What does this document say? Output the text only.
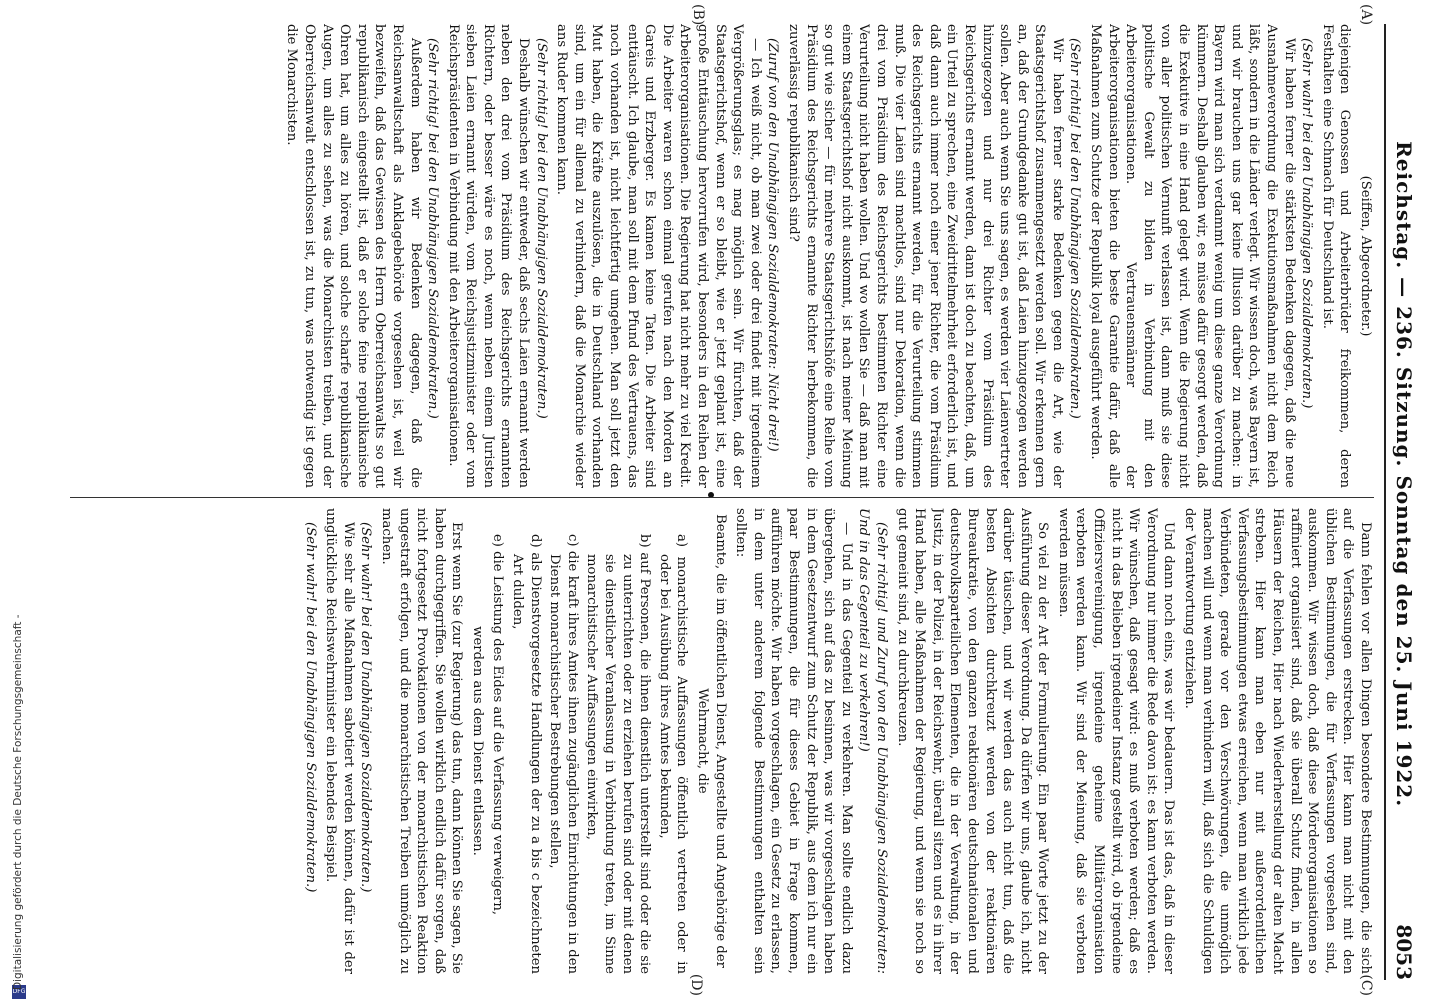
DFG
Digitalisierung gefördert durch die Deutsche Forschungsgemeinschaft -	Reichstag. — 236. Sitzung. Sonntag den 25. Juni 1922.
8053
(A)
(B)
(C)
(D)

(Seiffen, Abgeordneter.)

diejenigen Genossen und Arbeiterbrüder freikommen, deren Festhalten eine Schmach für Deutschland ist.

(Sehr wahr! bei den Unabhängigen Sozialdemokraten.)

Wir haben ferner die stärksten Bedenken dagegen, daß die neue Ausnahmeverordnung die Exekutionsmaßnahmen nicht dem Reich läßt, sondern in die Länder verlegt. Wir wissen doch, was Bayern ist, und wir brauchen uns gar keine Illusion darüber zu machen: in Bayern wird man sich verdammt wenig um diese ganze Verordnung kümmern. Deshalb glauben wir, es müsse dafür gesorgt werden, daß die Exekutive in eine Hand gelegt wird. Wenn die Regierung nicht von aller politischen Vernunft verlassen ist, dann muß sie diese politische Gewalt zu bilden in Verbindung mit den Arbeiterorganisationen. Vertrauensmänner der Arbeiterorganisationen bieten die beste Garantie dafür, daß alle Maßnahmen zum Schutze der Republik loyal ausgeführt werden.

(Sehr richtig! bei den Unabhängigen Sozialdemokraten.)

Wir haben ferner starke Bedenken gegen die Art, wie der Staatsgerichtshof zusammengesetzt werden soll. Wir erkennen gern an, daß der Grundgedanke gut ist, daß Laien hinzugezogen werden sollen. Aber auch wenn Sie uns sagen, es werden vier Laienvertreter hinzugezogen und nur drei Richter vom Präsidium des Reichsgerichts ernannt werden, dann ist doch zu beachten, daß, um ein Urteil zu sprechen, eine Zweidrittelmehrheit erforderlich ist, und daß dann auch immer noch einer jener Richter, die vom Präsidium des Reichsgerichts ernannt werden, für die Verurteilung stimmen muß. Die vier Laien sind machtlos, sind nur Dekoration, wenn die drei vom Präsidium des Reichsgerichts bestimmten Richter eine Verurteilung nicht haben wollen. Und wo wollen Sie — daß man mit einem Staatsgerichtshof nicht auskommt, ist nach meiner Meinung so gut wie sicher — für mehrere Staatsgerichtshöfe eine Reihe vom Präsidium des Reichsgerichts ernannte Richter herbekommen, die zuverlässig republikanisch sind?

(Zuruf von den Unabhängigen Sozialdemokraten: Nicht drei!)

— Ich weiß nicht, ob man zwei oder drei findet mit irgendeinem Vergrößerungsglas; es mag möglich sein. Wir fürchten, daß der Staatsgerichtshof, wenn er so bleibt, wie er jetzt geplant ist, eine große Enttäuschung hervorrufen wird, besonders in den Reihen der Arbeiterorganisationen. Die Regierung hat nicht mehr zu viel Kredit. Die Arbeiter waren schon einmal gerufen nach den Morden an Gareis und Erzberger. Es kamen keine Taten. Die Arbeiter sind enttäuscht. Ich glaube, man soll mit dem Pfund des Vertrauens, das noch vorhanden ist, nicht leichtfertig umgehen. Man soll jetzt den Mut haben, die Kräfte auszulösen, die in Deutschland vorhanden sind, um ein für allemal zu verhindern, daß die Monarchie wieder ans Ruder kommen kann.

(Sehr richtig! bei den Unabhängigen Sozialdemokraten.)

Deshalb wünschen wir entweder, daß sechs Laien ernannt werden neben den drei vom Präsidium des Reichsgerichts ernannten Richtern, oder besser wäre es noch, wenn neben einem Juristen sieben Laien ernannt würden, vom Reichsjustizminister oder vom Reichspräsidenten in Verbindung mit den Arbeiterorganisationen.

(Sehr richtig! bei den Unabhängigen Sozialdemokraten.)

Außerdem haben wir Bedenken dagegen, daß die Reichsanwaltschaft als Anklagebehörde vorgesehen ist, weil wir bezweifeln, daß das Gewissen des Herrn Oberreichsanwalts so gut republikanisch eingestellt ist, daß er solche feine republikanische Ohren hat, um alles zu hören, und solche scharfe republikanische Augen, um alles zu sehen, was die Monarchisten treiben, und der Oberreichsanwalt entschlossen ist, zu tun, was notwendig ist gegen die Monarchisten.

Dann fehlen vor allen Dingen besondere Bestimmungen, die sich auf die Verfassungen erstrecken. Hier kann man nicht mit den üblichen Bestimmungen, die für Verfassungen vorgesehen sind, auskommen. Wir wissen doch, daß diese Mörderorganisationen so raffiniert organisiert sind, daß sie überall Schutz finden, in allen Häusern der Reichen, Hier nach Wiederherstellung der alten Macht streben. Hier kann man eben nur mit außerordentlichen Verfassungsbestimmungen etwas erreichen, wenn man wirklich jede Verbündeten, gerade vor den Verschwörungen, die unmöglich machen will und wenn man verhindern will, daß sich die Schuldigen der Verantwortung entziehen.

Und dann noch eins, was wir bedauern. Das ist das, daß in dieser Verordnung nur immer die Rede davon ist: es kann verboten werden. Wir wünschen, daß gesagt wird: es muß verboten werden; daß es nicht in das Belieben irgendeiner Instanz gestellt wird, ob irgendeine Offiziersvereinigung, irgendeine geheime Militärorganisation verboten werden kann. Wir sind der Meinung, daß sie verboten werden müssen.

So viel zu der Art der Formulierung. Ein paar Worte jetzt zu der Ausführung dieser Verordnung. Da dürfen wir uns, glaube ich, nicht darüber täuschen, und wir werden das auch nicht tun, daß die besten Absichten durchkreuzt werden von der reaktionären Bureaukratie, von den ganzen reaktionären deutschnationalen und deutschvolksparteilichen Elementen, die in der Verwaltung, in der Justiz, in der Polizei, in der Reichswehr, überall sitzen und es in ihrer Hand haben, alle Maßnahmen der Regierung, und wenn sie noch so gut gemeint sind, zu durchkreuzen.

(Sehr richtig! und Zuruf von den Unabhängigen Sozialdemokraten: Und in das Gegenteil zu verkehren!)

— Und in das Gegenteil zu verkehren. Man sollte endlich dazu übergehen, sich auf das zu besinnen, was wir vorgeschlagen haben in dem Gesetzentwurf zum Schutz der Republik, aus dem ich nur ein paar Bestimmungen, die für dieses Gebiet in Frage kommen, aufführen möchte. Wir haben vorgeschlagen, ein Gesetz zu erlassen, in dem unter anderem folgende Bestimmungen enthalten sein sollten:

Beamte, die im öffentlichen Dienst, Angestellte und Angehörige der Wehrmacht, die

a) monarchistische Auffassungen öffentlich vertreten oder in oder bei Ausübung ihres Amtes bekunden,
b) auf Personen, die ihnen dienstlich unterstellt sind oder die sie zu unterrichten oder zu erziehen berufen sind oder mit denen sie dienstlicher Veranlassung in Verbindung treten, im Sinne monarchistischer Auffassungen einwirken,
c) die kraft ihres Amtes ihnen zugänglichen Einrichtungen in den Dienst monarchistischer Bestrebungen stellen,
d) als Dienstvorgesetzte Handlungen der zu a bis c bezeichneten Art dulden,
e) die Leistung des Eides auf die Verfassung verweigern,

werden aus dem Dienst entlassen.

Erst wenn Sie (zur Regierung) das tun, dann können Sie sagen, Sie haben durchgegriffen. Sie wollen wirklich endlich dafür sorgen, daß nicht fortgesetzt Provokationen von der monarchistischen Reaktion ungestraft erfolgen, und die monarchistischen Treiben unmöglich zu machen.

(Sehr wahr! bei den Unabhängigen Sozialdemokraten.)

Wie sehr alle Maßnahmen sabotiert werden können, dafür ist der unglückliche Reichswehrminister ein lebendes Beispiel.

(Sehr wahr! bei den Unabhängigen Sozialdemokraten.)
